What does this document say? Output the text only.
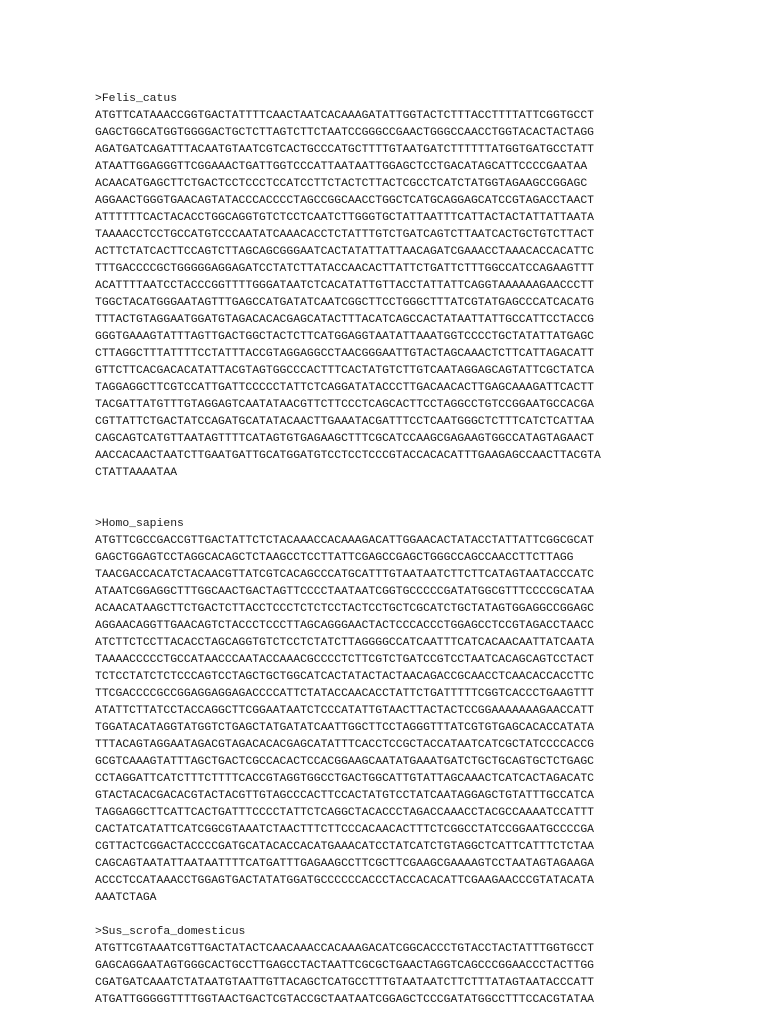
>Felis_catus
ATGTTCATAAACCGGTGACTATTTTCAACTAATCACAAAGATATTGGTACTCTTTACCTTTTATTCGGTGCCT
GAGCTGGCATGGTGGGGACTGCTCTTAGTCTTCTAATCCGGGCCGAACTGGGCCAACCTGGTACACTACTAGG
AGATGATCAGATTTACAATGTAATCGTCACTGCCCATGCTTTTGTAATGATCTTTTTTATGGTGATGCCTATT
ATAATTGGAGGGTTCGGAAACTGATTGGTCCCATTAATAATTGGAGCTCCTGACATAGCATTCCCCGAATAA
ACAACATGAGCTTCTGACTCCTCCCTCCATCCTTCTACTCTTACTCGCCTCATCTATGGTAGAAGCCGGAGC
AGGAACTGGGTGAACAGTATACCCACCCCTAGCCGGCAACCTGGCTCATGCAGGAGCATCCGTAGACCTAACT
ATTTTTTCACTACACCTGGCAGGTGTCTCCTCAATCTTGGGTGCTATTAATTTCATTACTACTATTATTAATA
TAAAACCTCCTGCCATGTCCCAATATCAAACACCTCTATTTGTCTGATCAGTCTTAATCACTGCTGTCTTACT
ACTTCTATCACTTCCAGTCTTAGCAGCGGGAATCACTATATTATTAACAGATCGAAACCTAAACACCACATTC
TTTGACCCCGCTGGGGGAGGAGATCCTATCTTATACCAACACTTATTCTGATTCTTTGGCCATCCAGAAGTTT
ACATTTTAATCCTACCCGGTTTTGGGATAATCTCACATATTGTTACCTATTATTCAGGTAAAAAAGAACCCTT
TGGCTACATGGGAATAGTTTGAGCCATGATATCAATCGGCTTCCTGGGCTTTATCGTATGAGCCCATCACATG
TTTACTGTAGGAATGGATGTAGACACACGAGCATACTTTACATCAGCCACTATAATTATTGCCATTCCTACCG
GGGTGAAAGTATTTAGTTGACTGGCTACTCTTCATGGAGGTAATATTAAATGGTCCCCTGCTATATTATGAGC
CTTAGGCTTTATTTTCCTATTTACCGTAGGAGGCCTAACGGGAATTGTACTAGCAAACTCTTCATTAGACATT
GTTCTTCACGACACATATTACGTAGTGGCCCACTTTCACTATGTCTTGTCAATAGGAGCAGTATTCGCTATCA
TAGGAGGCTTCGTCCATTGATTCCCCCTATTCTCAGGATATACCCTTGACAACACTTGAGCAAAGATTCACTT
TACGATTATGTTTGTAGGAGTCAATATAACGTTCTTCCCTCAGCACTTCCTAGGCCTGTCCGGAATGCCACGA
CGTTATTCTGACTATCCAGATGCATATACAACTTGAAATACGATTTCCTCAATGGGCTCTTTCATCTCATTAA
CAGCAGTCATGTTAATAGTTTTCATAGTGTGAGAAGCTTTCGCATCCAAGCGAGAAGTGGCCATAGTAGAACT
AACCACAACTAATCTTGAATGATTGCATGGATGTCCTCCTCCCGTACCACACATTTGAAGAGCCAACTTACGTA
CTATTAAAATAA
>Homo_sapiens
ATGTTCGCCGACCGTTGACTATTCTCTACAAACCACAAAGACATTGGAACACTATACCTATTATTCGGCGCAT
GAGCTGGAGTCCTAGGCACAGCTCTAAGCCTCCTTATTCGAGCCGAGCTGGGCCAGCCAACCTTCTTAGG
TAACGACCACATCTACAACGTTATCGTCACAGCCCATGCATTTGTAATAATCTTCTTCATAGTAATACCCATC
ATAATCGGAGGCTTTGGCAACTGACTAGTTCCCCTAATAATCGGTGCCCCCGATATGGCGTTTCCCCGCATAA
ACAACATAAGCTTCTGACTCTTACCTCCCTCTCTCCTACTCCTGCTCGCATCTGCTATAGTGGAGGCCGGAGC
AGGAACAGGTTGAACAGTCTACCCTCCCTTAGCAGGGAACTACTCCCACCCTGGAGCCTCCGTAGACCTAACC
ATCTTCTCCTTACACCTAGCAGGTGTCTCCTCTATCTTAGGGGCCATCAATTTCATCACAACAATTATCAATA
TAAAACCCCCTGCCATAACCCAATACCAAACGCCCCTCTTCGTCTGATCCGTCCTAATCACAGCAGTCCTACT
TCTCCTATCTCTCCCAGTCCTAGCTGCTGGCATCACTATACTACTAACAGACCGCAACCTCAACACCACCTTC
TTCGACCCCGCCGGAGGAGGAGACCCCATTCTATACCAACACCTATTCTGATTTTTCGGTCACCCTGAAGTTT
ATATTCTTATCCTACCAGGCTTCGGAATAATCTCCCATATTGTAACTTACTACTCCGGAAAAAAAGAACCATT
TGGATACATAGGTATGGTCTGAGCTATGATATCAATTGGCTTCCTAGGGTTTATCGTGTGAGCACACCATATA
TTTACAGTAGGAATAGACGTAGACACACGAGCATATTTCACCTCCGCTACCATAATCATCGCTATCCCCACCG
GCGTCAAAGTATTTAGCTGACTCGCCACACTCCACGGAAGCAATATGAAATGATCTGCTGCAGTGCTCTGAGC
CCTAGGATTCATCTTTCTTTTCACCGTAGGTGGCCTGACTGGCATTGTATTAGCAAACTCATCACTAGACATC
GTACTACACGACACGTACTACGTTGTAGCCCACTTCCACTATGTCCTATCAATAGGAGCTGTATTTGCCATCA
TAGGAGGCTTCATTCACTGATTTCCCCTATTCTCAGGCTACACCCTAGACCAAACCTACGCCAAAATCCATTT
CACTATCATATTCATCGGCGTAAATCTAACTTTCTTCCCACAACACTTTCTCGGCCTATCCGGAATGCCCCGA
CGTTACTCGGACTACCCCGATGCATACACCACATGAAACATCCTATCATCTGTAGGCTCATTCATTTCTCTAA
CAGCAGTAATATTAATAATTTTCATGATTTGAGAAGCCTTCGCTTCGAAGCGAAAAGTCCTAATAGTAGAAGA
ACCCTCCATAAACCTGGAGTGACTATATGGATGCCCCCCACCCTACCACACATTCGAAGAACCCGTATACATA
AAATCTAGA
>Sus_scrofa_domesticus
ATGTTCGTAAATCGTTGACTATACTCAACAAACCACAAAGACATCGGCACCCTGTACCTACTATTTGGTGCCT
GAGCAGGAATAGTGGGCACTGCCTTGAGCCTACTAATTCGCGCTGAACTAGGTCAGCCCGGAACCCTACTTGG
CGATGATCAAATCTATAATGTAATTGTTACAGCTCATGCCTTTGTAATAATCTTCTTTATAGTAATACCCATT
ATGATTGGGGGTTTTGGTAACTGACTCGTACCGCTAATAATCGGAGCTCCCGATATGGCCTTTCCACGTATAA
